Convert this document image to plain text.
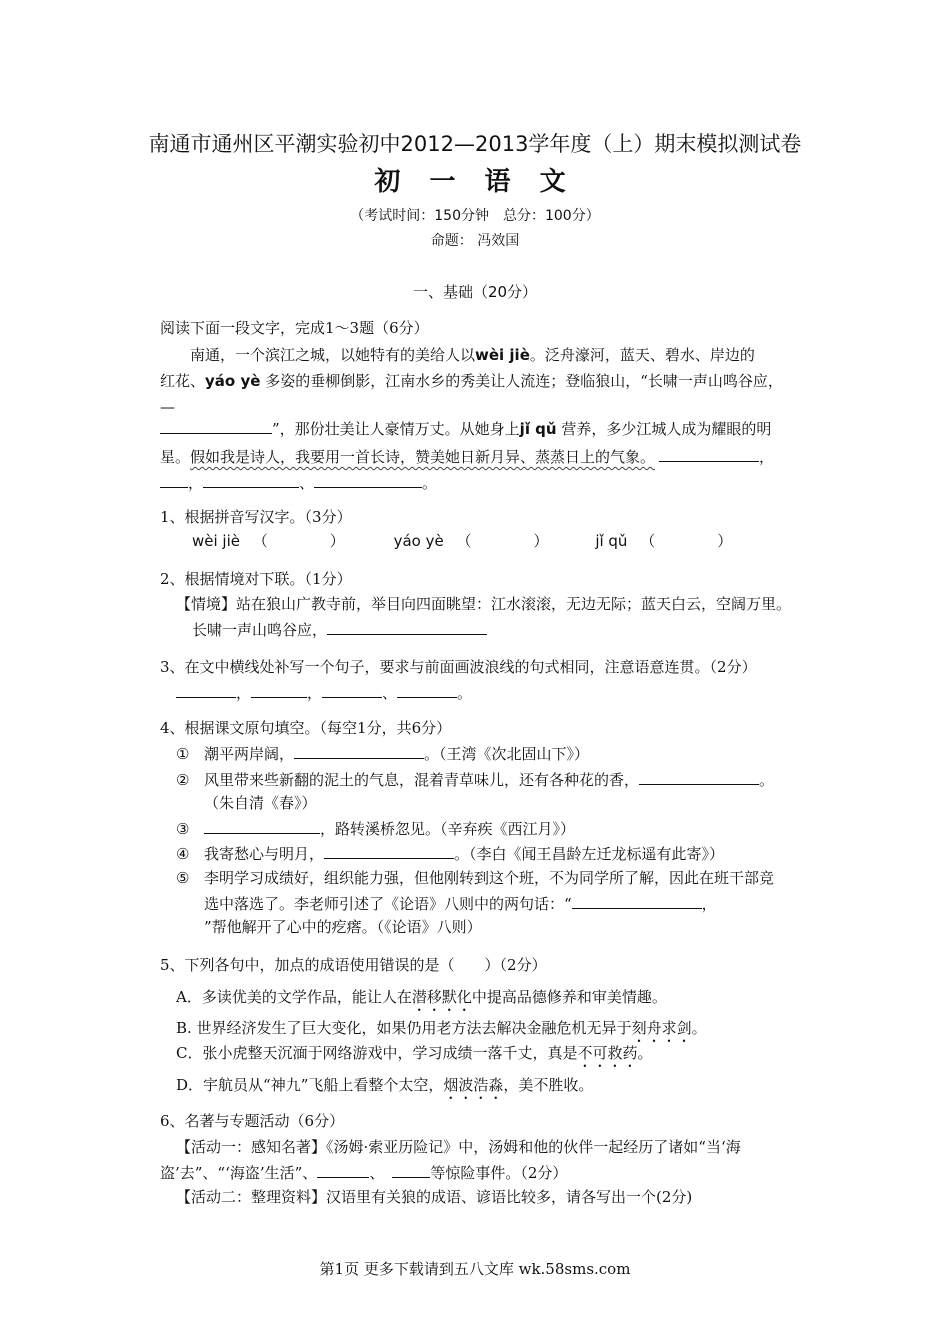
南通市通州区平潮实验初中2012—2013学年度（上）期末模拟测试卷
初 一 语 文
（考试时间：150分钟　总分：100分）
命题： 冯效国
一、基础（20分）
阅读下面一段文字，完成1～3题（6分）
南通，一个滨江之城，以她特有的美给人以wèi jiè。泛舟濠河，蓝天、碧水、岸边的
红花、yáo yè 多姿的垂柳倒影，江南水乡的秀美让人流连；登临狼山，“长啸一声山鸣谷应，
—
”，那份壮美让人豪情万丈。从她身上jǐ qǔ 营养，多少江城人成为耀眼的明
星。假如我是诗人，我要用一首长诗，赞美她日新月异、蒸蒸日上的气象。	，
，	、	。
1、根据拼音写汉字。（3分）
wèi jiè （	）	yáo yè （	）	jǐ qǔ （	）
2、根据情境对下联。（1分）
【情境】站在狼山广教寺前，举目向四面眺望：江水滚滚，无边无际；蓝天白云，空阔万里。
长啸一声山鸣谷应，
3、在文中横线处补写一个句子，要求与前面画波浪线的句式相同，注意语意连贯。（2分）
，	，	、	。
4、根据课文原句填空。（每空1分，共6分）
① 潮平两岸阔，	。（王湾《次北固山下》）
② 风里带来些新翻的泥土的气息，混着青草味儿，还有各种花的香，	。
（朱自清《春》）
③	，路转溪桥忽见。（辛弃疾《西江月》）
④ 我寄愁心与明月，	。（李白《闻王昌龄左迁龙标遥有此寄》）
⑤ 李明学习成绩好，组织能力强，但他刚转到这个班，不为同学所了解，因此在班干部竞
选中落选了。李老师引述了《论语》八则中的两句话：“	，
”帮他解开了心中的疙瘩。（《论语》八则）
5、下列各句中，加点的成语使用错误的是（　　）（2分）
A．多读优美的文学作品，能让人在潜移默化中提高品德修养和审美情趣。
B. 世界经济发生了巨大变化，如果仍用老方法去解决金融危机无异于刻舟求剑。
C．张小虎整天沉湎于网络游戏中，学习成绩一落千丈，真是不可救药。
D．宇航员从“神九”飞船上看整个太空，烟波浩淼，美不胜收。
6、名著与专题活动（6分）
【活动一：感知名著】《汤姆·索亚历险记》中，汤姆和他的伙伴一起经历了诸如“当‘海
盗’去”、“‘海盗’生活”、	、	等惊险事件。（2分）
【活动二：整理资料】汉语里有关狼的成语、谚语比较多，请各写出一个(2分)
第1页 更多下载请到五八文库 wk.58sms.com
